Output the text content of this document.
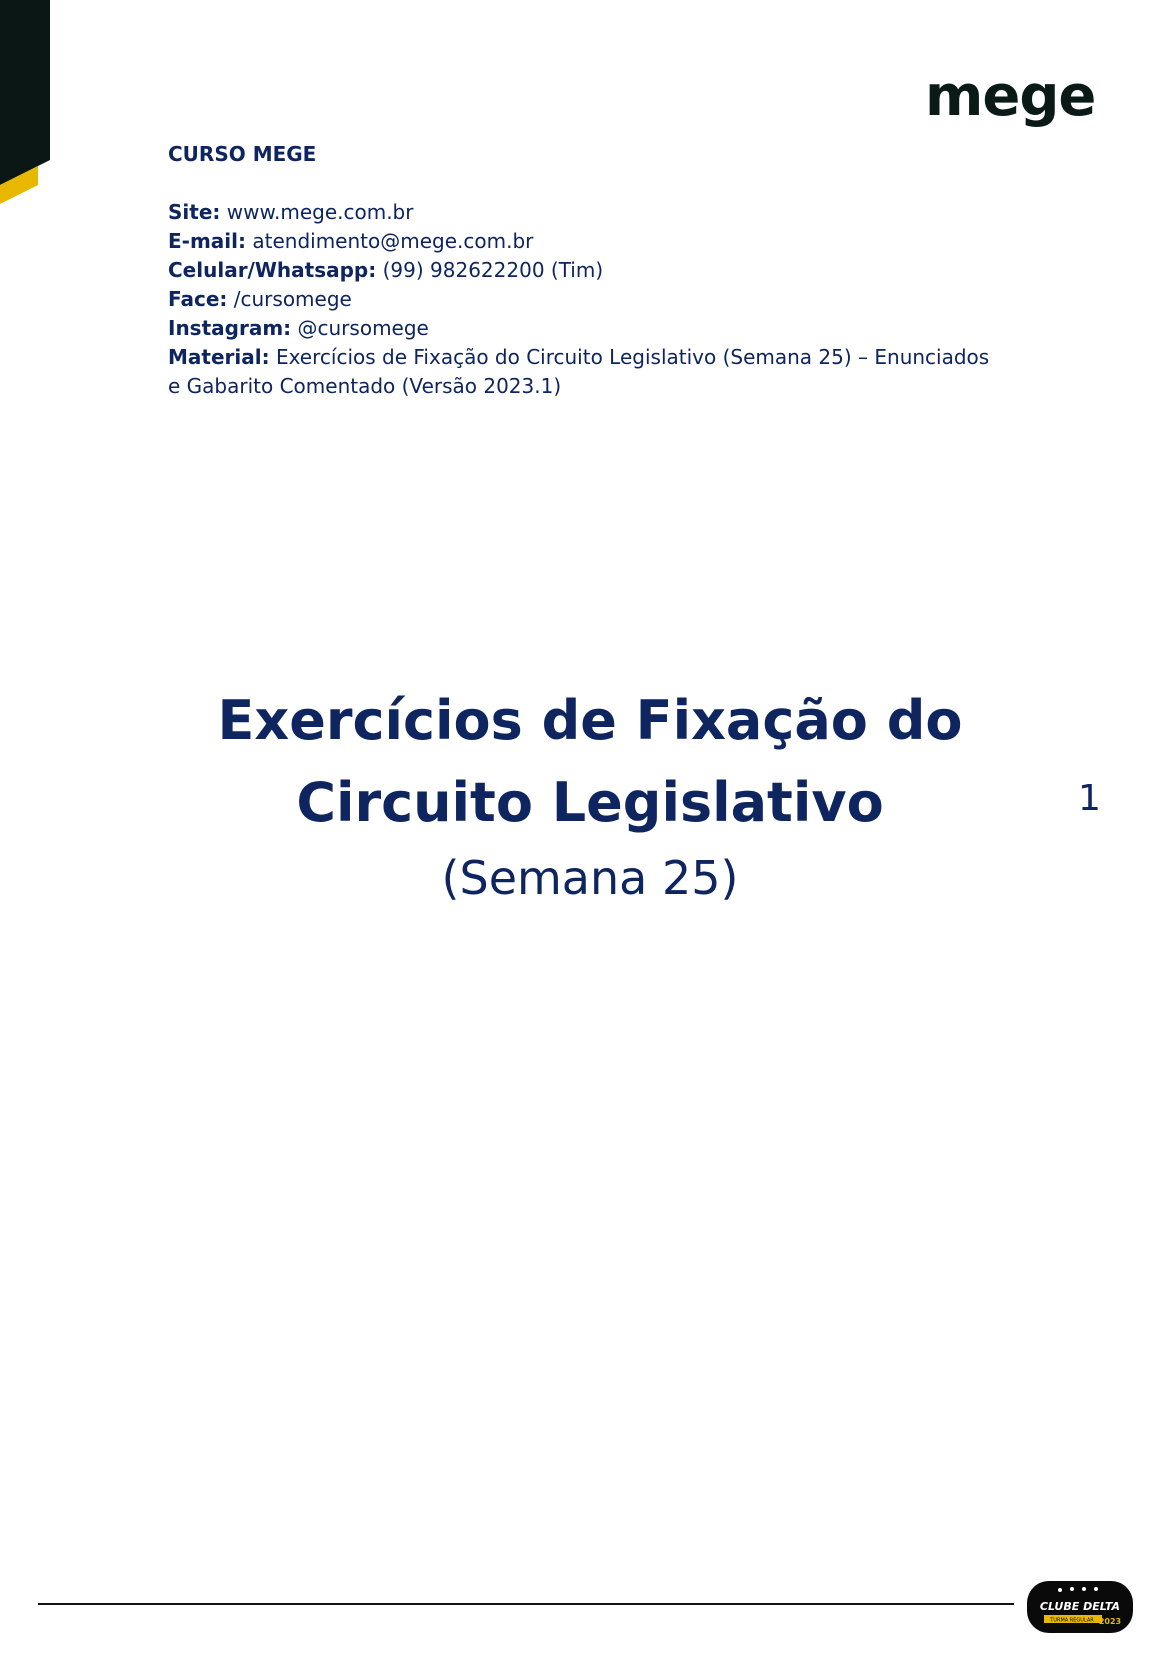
mege
CURSO MEGE
Site: www.mege.com.br
E-mail: atendimento@mege.com.br
Celular/Whatsapp: (99) 982622200 (Tim)
Face: /cursomege
Instagram: @cursomege
Material: Exercícios de Fixação do Circuito Legislativo (Semana 25) – Enunciados e Gabarito Comentado (Versão 2023.1)
Exercícios de Fixação do
Circuito Legislativo
(Semana 25)
1
CLUBE DELTA
TURMA REGULAR 2023
